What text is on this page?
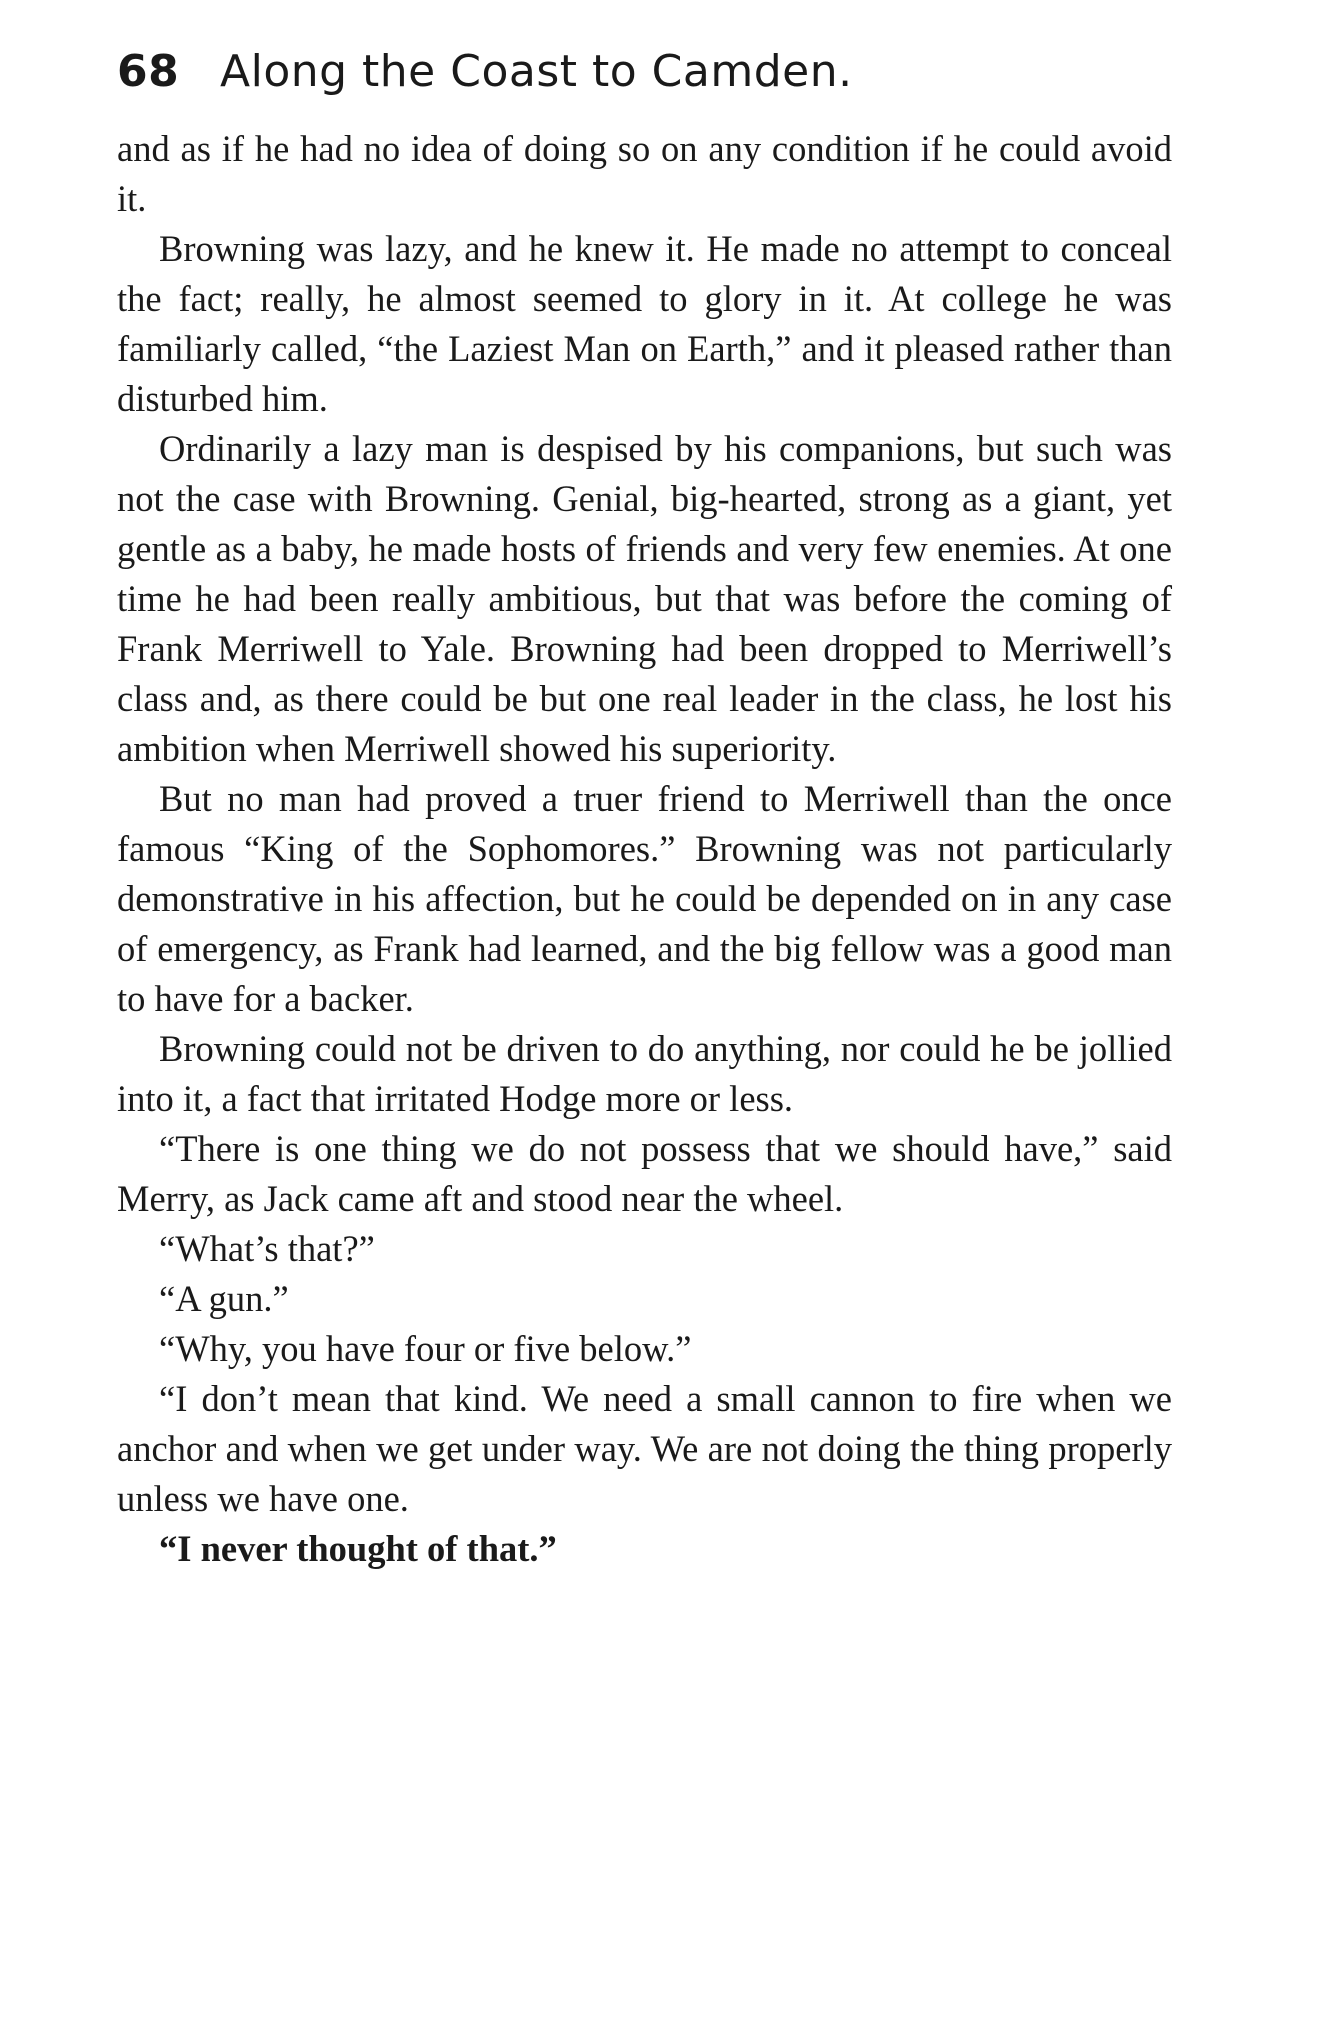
68 Along the Coast to Camden.

and as if he had no idea of doing so on any condition if he could avoid it.

Browning was lazy, and he knew it. He made no attempt to conceal the fact; really, he almost seemed to glory in it. At college he was familiarly called, “the Laziest Man on Earth,” and it pleased rather than disturbed him.

Ordinarily a lazy man is despised by his companions, but such was not the case with Browning. Genial, big-hearted, strong as a giant, yet gentle as a baby, he made hosts of friends and very few enemies. At one time he had been really ambitious, but that was before the coming of Frank Merriwell to Yale. Browning had been dropped to Merriwell’s class and, as there could be but one real leader in the class, he lost his ambition when Merriwell showed his superiority.

But no man had proved a truer friend to Merriwell than the once famous “King of the Sophomores.” Browning was not particularly demonstrative in his affection, but he could be depended on in any case of emergency, as Frank had learned, and the big fellow was a good man to have for a backer.

Browning could not be driven to do anything, nor could he be jollied into it, a fact that irritated Hodge more or less.

“There is one thing we do not possess that we should have,” said Merry, as Jack came aft and stood near the wheel.

“What’s that?”

“A gun.”

“Why, you have four or five below.”

“I don’t mean that kind. We need a small cannon to fire when we anchor and when we get under way. We are not doing the thing properly unless we have one.

“I never thought of that.”
